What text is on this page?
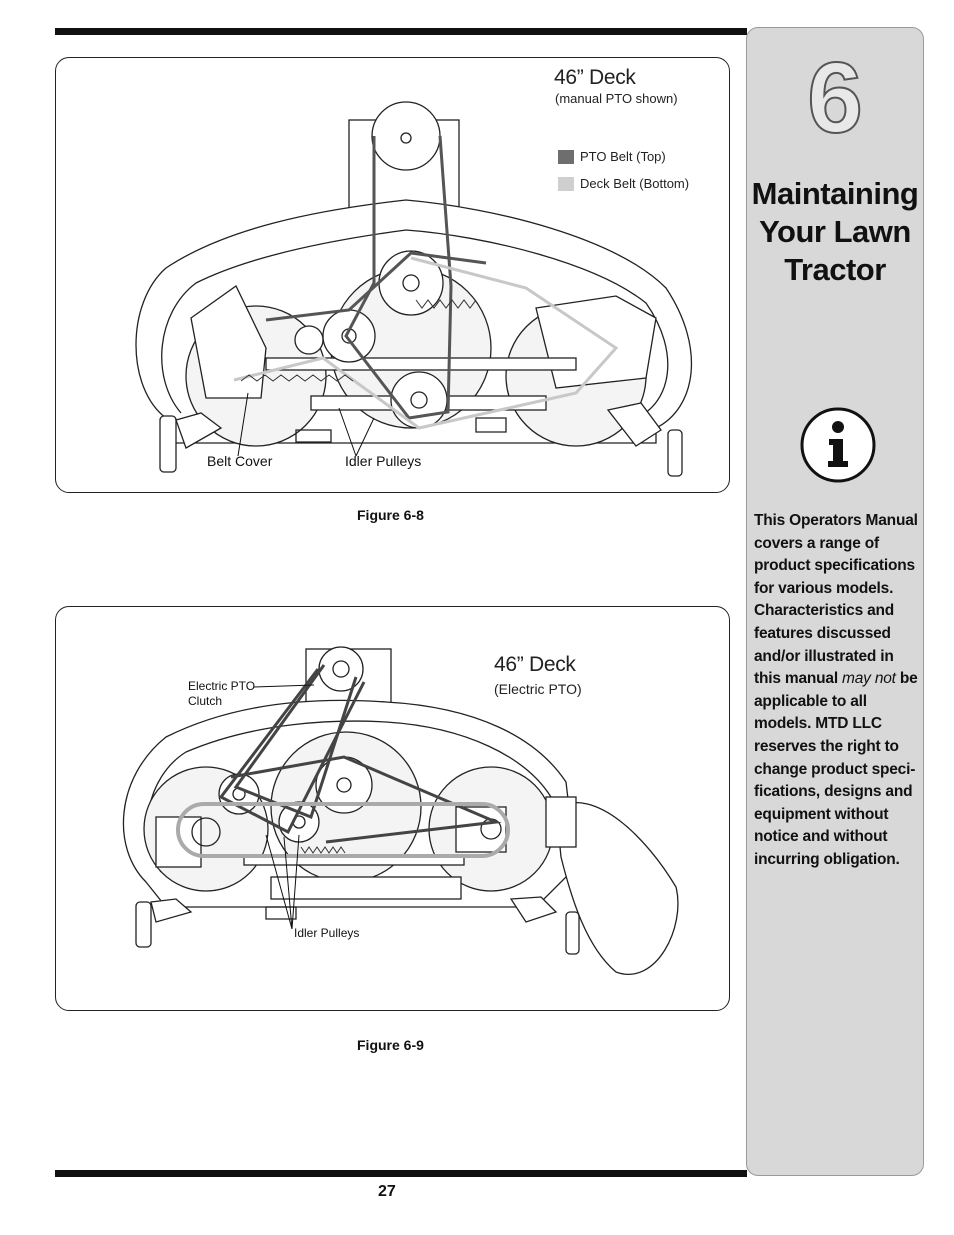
46” Deck
(manual PTO shown)
PTO Belt (Top)
Deck Belt (Bottom)
Belt Cover	Idler Pulleys
Figure 6-8
46” Deck
(Electric PTO)
Electric PTO
Clutch
Idler Pulleys
Figure 6-9
27
6
Maintaining
Your Lawn
Tractor
This Operators Manual covers a range of product specifications for various models. Characteristics and features discussed and/or illustrated in this manual may not be applicable to all models. MTD LLC reserves the right to change product speci-fications, designs and equipment without notice and without incurring obligation.
